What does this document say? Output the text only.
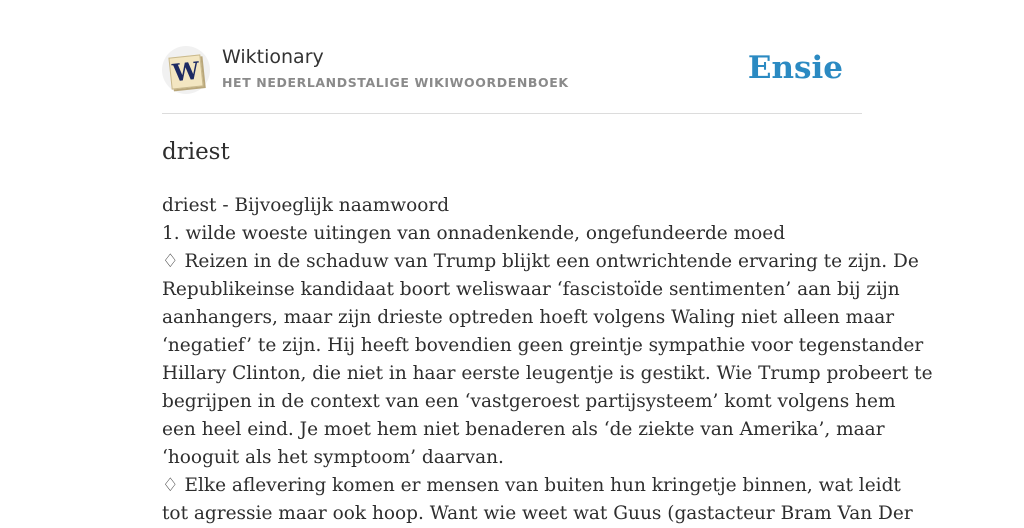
W Wiktionary
HET NEDERLANDSTALIGE WIKIWOORDENBOEK	Ensie
driest
driest - Bijvoeglijk naamwoord
1. wilde woeste uitingen van onnadenkende, ongefundeerde moed
♢ Reizen in de schaduw van Trump blijkt een ontwrichtende ervaring te zijn. De
Republikeinse kandidaat boort weliswaar ‘fascistoïde sentimenten’ aan bij zijn
aanhangers, maar zijn drieste optreden hoeft volgens Waling niet alleen maar
‘negatief’ te zijn. Hij heeft bovendien geen greintje sympathie voor tegenstander
Hillary Clinton, die niet in haar eerste leugentje is gestikt. Wie Trump probeert te
begrijpen in de context van een ‘vastgeroest partijsysteem’ komt volgens hem
een heel eind. Je moet hem niet benaderen als ‘de ziekte van Amerika’, maar
‘hooguit als het symptoom’ daarvan.
♢ Elke aflevering komen er mensen van buiten hun kringetje binnen, wat leidt
tot agressie maar ook hoop. Want wie weet wat Guus (gastacteur Bram Van Der
